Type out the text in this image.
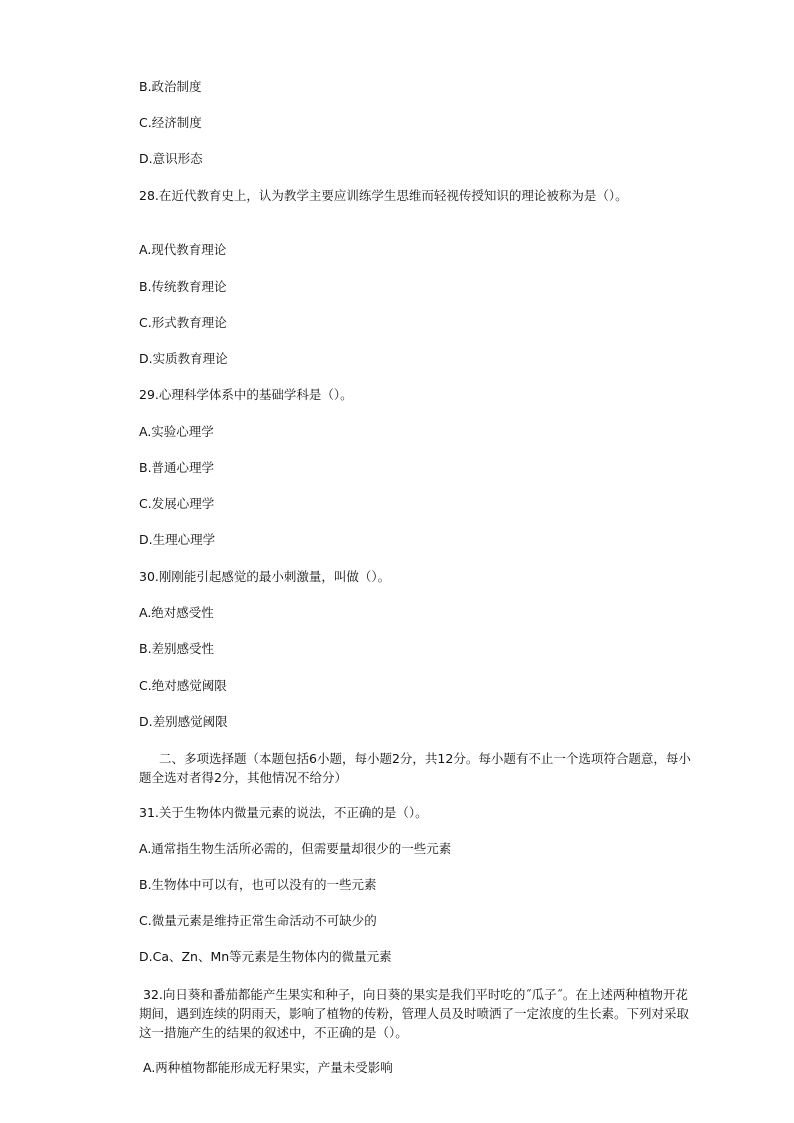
B.政治制度
C.经济制度
D.意识形态
28.在近代教育史上，认为教学主要应训练学生思维而轻视传授知识的理论被称为是（）。
A.现代教育理论
B.传统教育理论
C.形式教育理论
D.实质教育理论
29.心理科学体系中的基础学科是（）。
A.实验心理学
B.普通心理学
C.发展心理学
D.生理心理学
30.刚刚能引起感觉的最小刺激量，叫做（）。
A.绝对感受性
B.差别感受性
C.绝对感觉阈限
D.差别感觉阈限
二、多项选择题（本题包括6小题，每小题2分，共12分。每小题有不止一个选项符合题意，每小题全选对者得2分，其他情况不给分）
31.关于生物体内微量元素的说法，不正确的是（）。
A.通常指生物生活所必需的，但需要量却很少的一些元素
B.生物体中可以有，也可以没有的一些元素
C.微量元素是维持正常生命活动不可缺少的
D.Ca、Zn、Mn等元素是生物体内的微量元素
32.向日葵和番茄都能产生果实和种子，向日葵的果实是我们平时吃的˝瓜子˝。在上述两种植物开花期间，遇到连续的阴雨天，影响了植物的传粉，管理人员及时喷洒了一定浓度的生长素。下列对采取这一措施产生的结果的叙述中，不正确的是（）。
A.两种植物都能形成无籽果实，产量未受影响
